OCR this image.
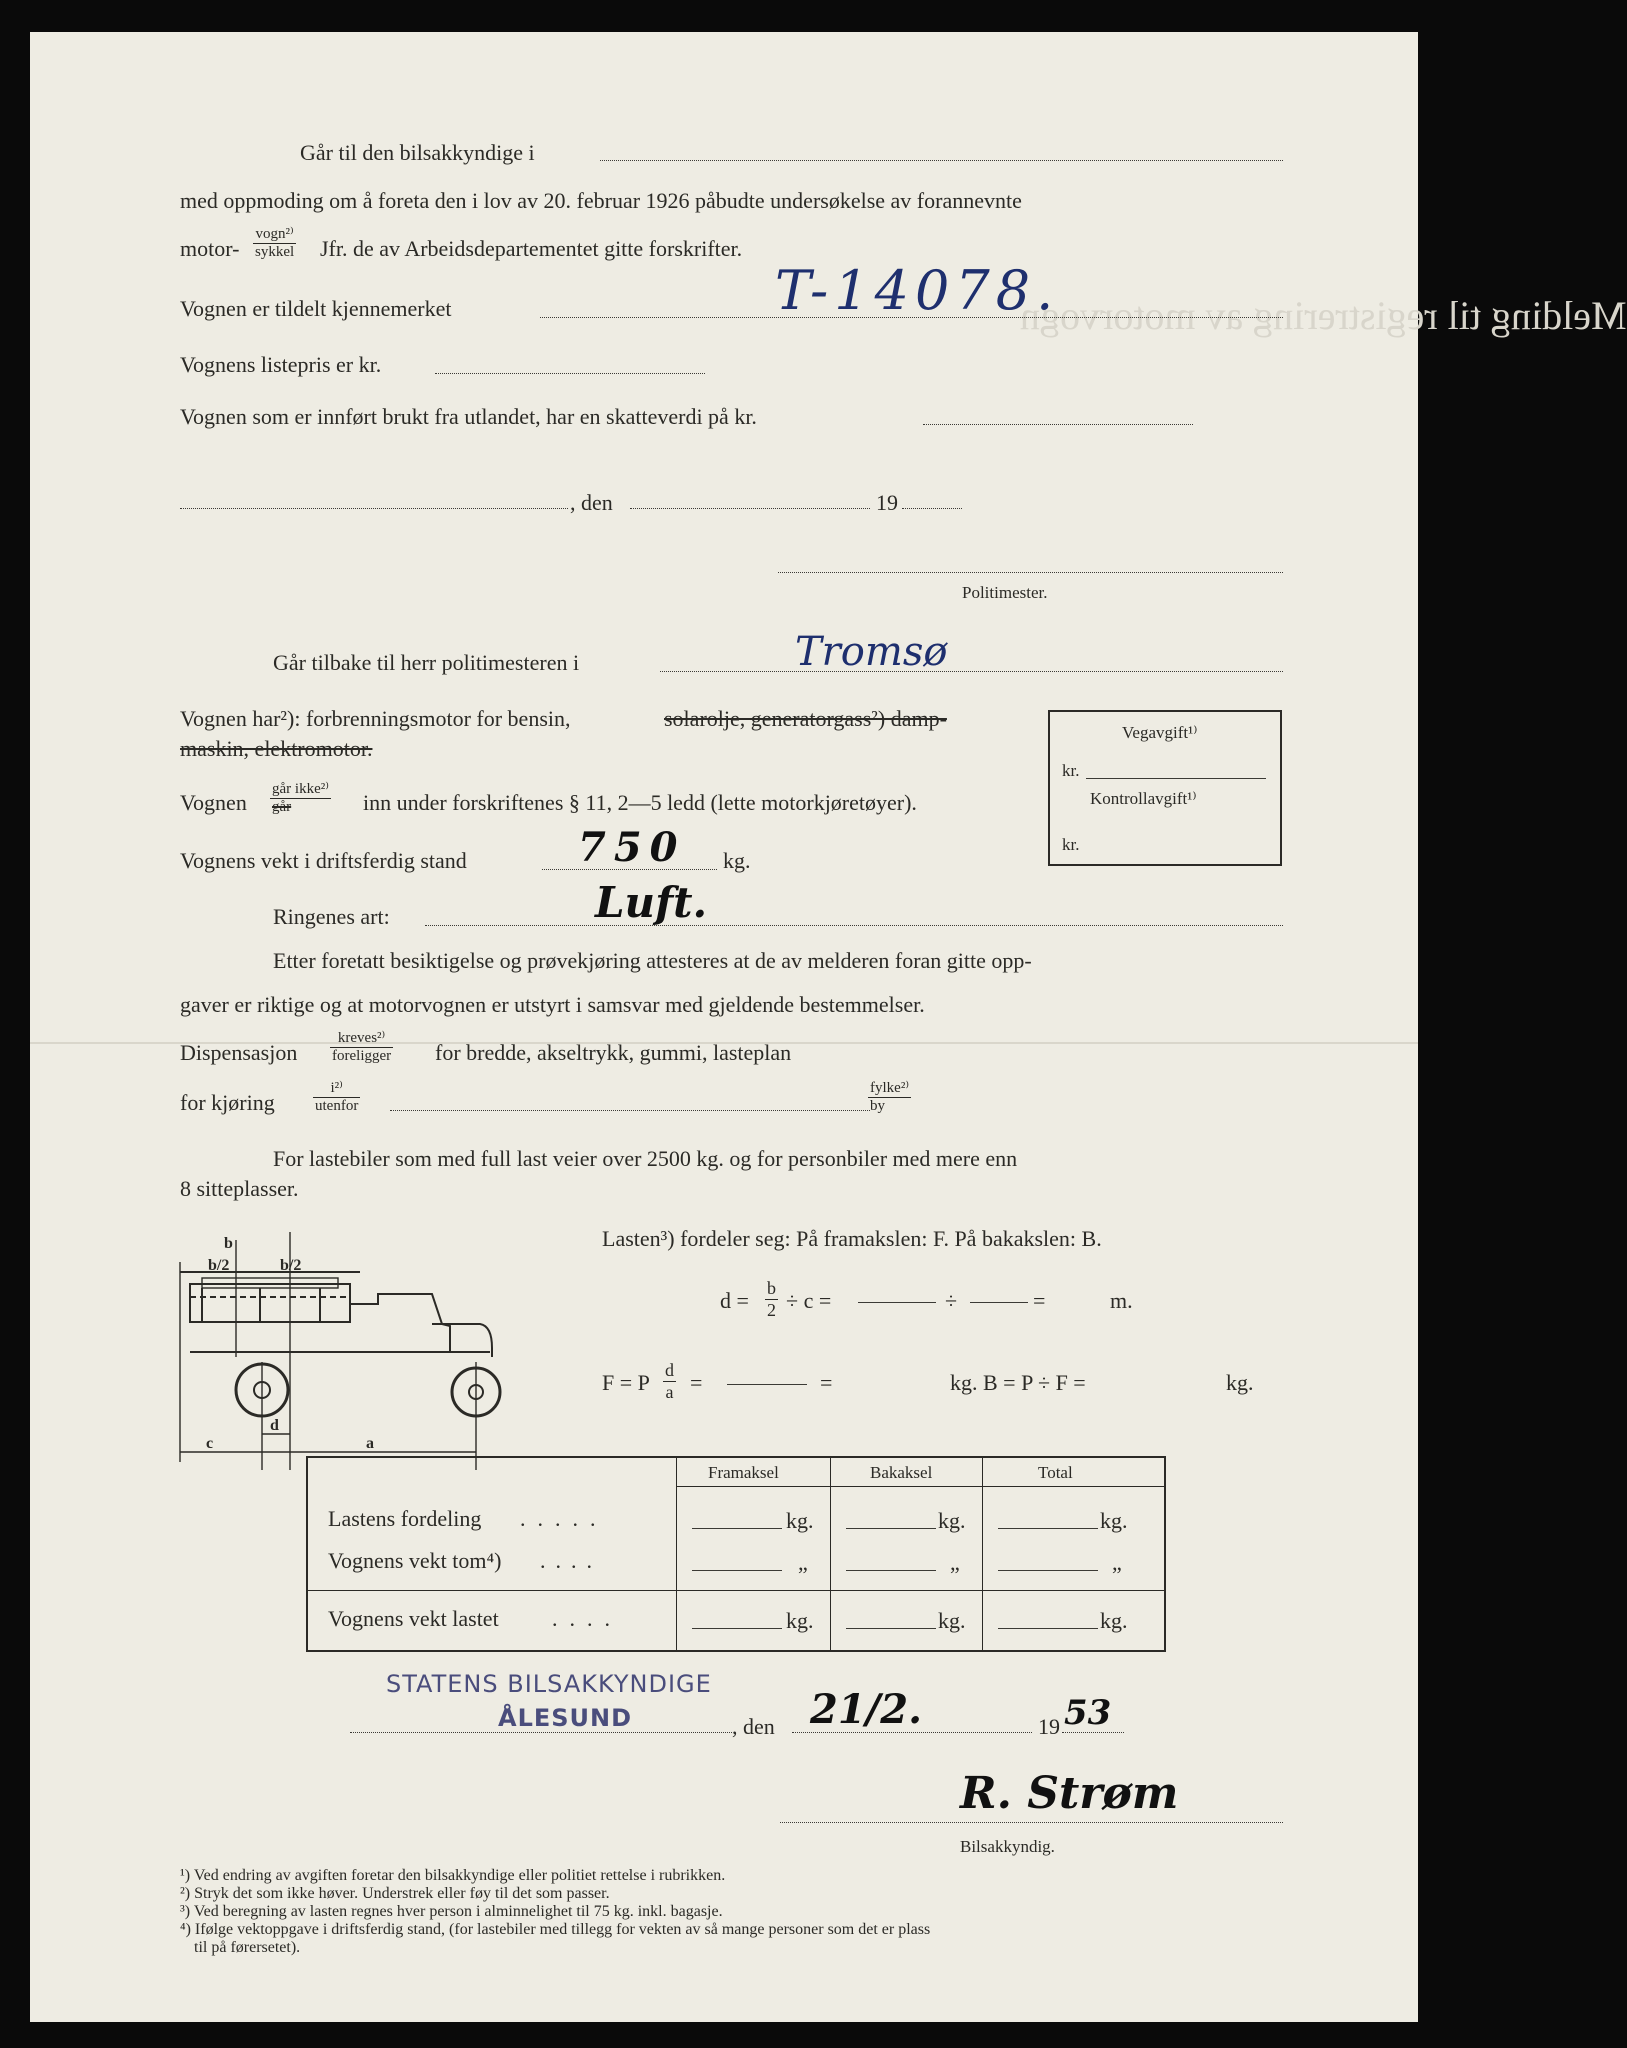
Melding til registrering av motorvogn
Går til den bilsakkyndige i
med oppmoding om å foreta den i lov av 20. februar 1926 påbudte undersøkelse av forannevnte
motor-
vogn²⁾
sykkel Jfr. de av Arbeidsdepartementet gitte forskrifter.
Vognen er tildelt kjennemerket	T-14078.
Vognens listepris er kr.
Vognen som er innført brukt fra utlandet, har en skatteverdi på kr.
, den	19
Politimester.
Går tilbake til herr politimesteren i	Tromsø
Vognen har²): forbrenningsmotor for bensin,	solarolje, generatorgass²) damp-
maskin, elektromotor.
Vognen
går ikke²⁾
går	inn under forskriftenes § 11, 2—5 ledd (lette motorkjøretøyer).
Vognens vekt i driftsferdig stand	750 kg.
Ringenes art:	Luft.
Vegavgift¹⁾
kr.
Kontrollavgift¹⁾
kr.
Etter foretatt besiktigelse og prøvekjøring attesteres at de av melderen foran gitte opp-
gaver er riktige og at motorvognen er utstyrt i samsvar med gjeldende bestemmelser.
Dispensasjon
kreves²⁾
foreligger for bredde, akseltrykk, gummi, lasteplan
for kjøring
i²⁾
utenfor
fylke²⁾
by
For lastebiler som med full last veier over 2500 kg. og for personbiler med mere enn
8 sitteplasser.
Lasten³) fordeler seg: På framakslen: F. På bakakslen: B.
$d = \frac{b}{2} \div c$ =	÷	=	m.
F = P $\frac{d}{a}$ =	=	kg. B = P ÷ F =	kg.
b
b/2	b/2
d
c	a
Framaksel	Bakaksel	Total
Lastens fordeling .....	kg.	kg.	kg.
Vognens vekt tom⁴) ....	„	„	„
Vognens vekt lastet ....	kg.	kg.	kg.
STATENS BILSAKKYNDIGE
ÅLESUND	, den 21/2.	19 53
R. Strøm
Bilsakkyndig.
¹) Ved endring av avgiften foretar den bilsakkyndige eller politiet rettelse i rubrikken.
²) Stryk det som ikke høver. Understrek eller føy til det som passer.
³) Ved beregning av lasten regnes hver person i alminnelighet til 75 kg. inkl. bagasje.
⁴) Ifølge vektoppgave i driftsferdig stand, (for lastebiler med tillegg for vekten av så mange personer som det er plass
til på førersetet).
